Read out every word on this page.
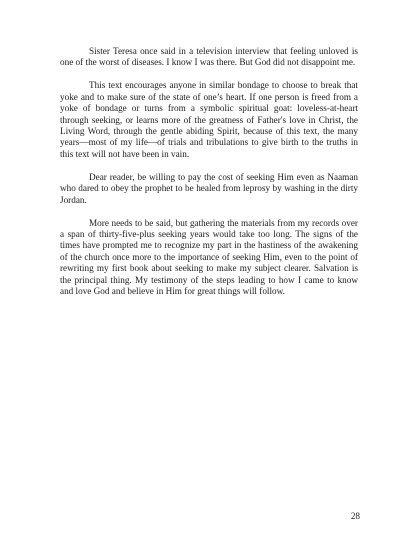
Sister Teresa once said in a television interview that feeling unloved is one of the worst of diseases. I know I was there. But God did not disappoint me.

This text encourages anyone in similar bondage to choose to break that yoke and to make sure of the state of one’s heart. If one person is freed from a yoke of bondage or turns from a symbolic spiritual goat: loveless-at-heart through seeking, or learns more of the greatness of Father's love in Christ, the Living Word, through the gentle abiding Spirit, because of this text, the many years—most of my life—of trials and tribulations to give birth to the truths in this text will not have been in vain.

Dear reader, be willing to pay the cost of seeking Him even as Naaman who dared to obey the prophet to be healed from leprosy by washing in the dirty Jordan.

More needs to be said, but gathering the materials from my records over a span of thirty-five-plus seeking years would take too long. The signs of the times have prompted me to recognize my part in the hastiness of the awakening of the church once more to the importance of seeking Him, even to the point of rewriting my first book about seeking to make my subject clearer. Salvation is the principal thing. My testimony of the steps leading to how I came to know and love God and believe in Him for great things will follow.

28
